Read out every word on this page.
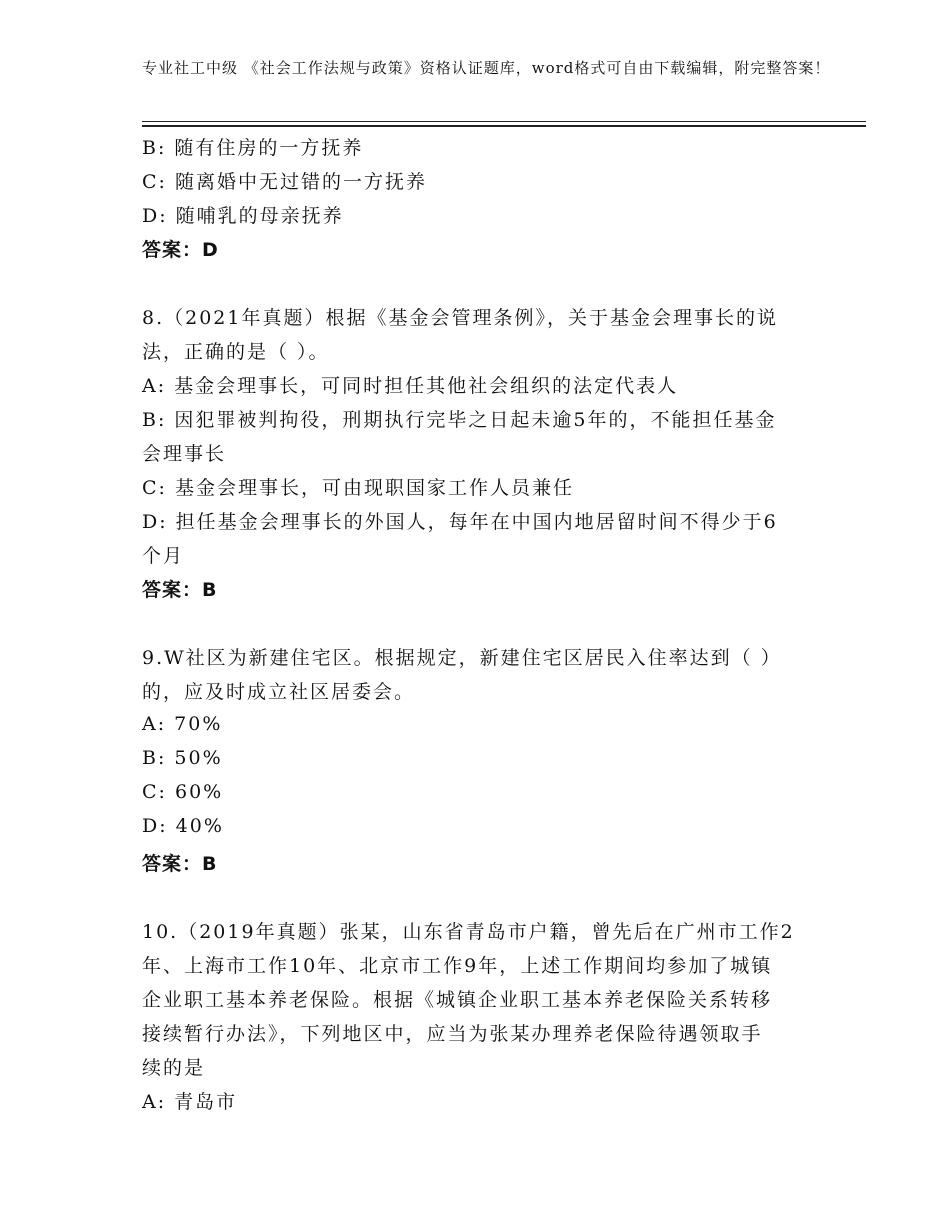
专业社工中级 《社会工作法规与政策》资格认证题库，word格式可自由下载编辑，附完整答案！
B: 随有住房的一方抚养
C: 随离婚中无过错的一方抚养
D: 随哺乳的母亲抚养
答案：D
8.（2021年真题）根据《基金会管理条例》，关于基金会理事长的说
法，正确的是（ ）。
A: 基金会理事长，可同时担任其他社会组织的法定代表人
B: 因犯罪被判拘役，刑期执行完毕之日起未逾5年的，不能担任基金
会理事长
C: 基金会理事长，可由现职国家工作人员兼任
D: 担任基金会理事长的外国人，每年在中国内地居留时间不得少于6
个月
答案：B
9.W社区为新建住宅区。根据规定，新建住宅区居民入住率达到（ ）
的，应及时成立社区居委会。
A: 70%
B: 50%
C: 60%
D: 40%
答案：B
10.（2019年真题）张某，山东省青岛市户籍，曾先后在广州市工作2
年、上海市工作10年、北京市工作9年，上述工作期间均参加了城镇
企业职工基本养老保险。根据《城镇企业职工基本养老保险关系转移
接续暂行办法》，下列地区中，应当为张某办理养老保险待遇领取手
续的是
A: 青岛市
